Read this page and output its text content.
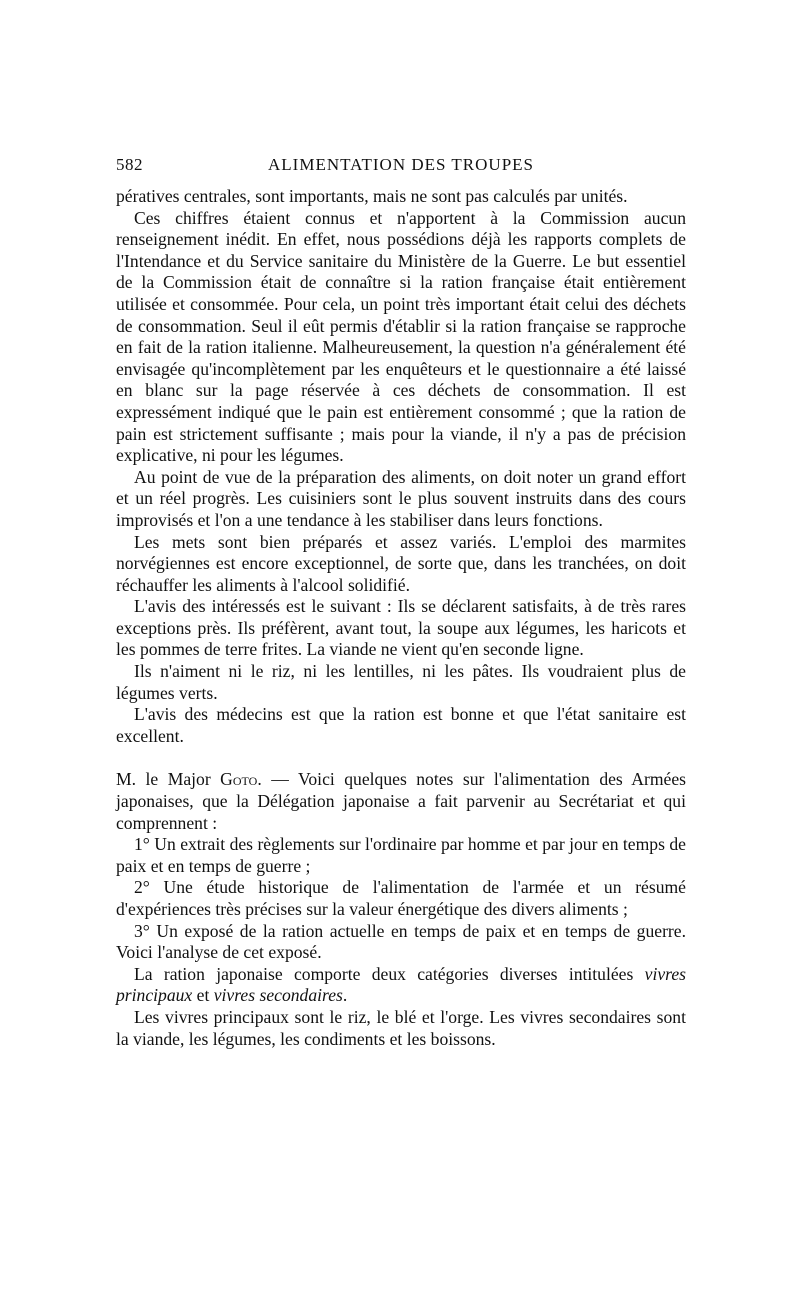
582	ALIMENTATION DES TROUPES

pératives centrales, sont importants, mais ne sont pas calculés par unités.

Ces chiffres étaient connus et n'apportent à la Commission aucun renseignement inédit. En effet, nous possédions déjà les rapports complets de l'Intendance et du Service sanitaire du Ministère de la Guerre. Le but essentiel de la Commission était de connaître si la ration française était entièrement utilisée et consommée. Pour cela, un point très important était celui des déchets de consommation. Seul il eût permis d'établir si la ration française se rapproche en fait de la ration italienne. Malheureusement, la question n'a généralement été envisagée qu'incomplètement par les enquêteurs et le questionnaire a été laissé en blanc sur la page réservée à ces déchets de consommation. Il est expressément indiqué que le pain est entièrement consommé ; que la ration de pain est strictement suffisante ; mais pour la viande, il n'y a pas de précision explicative, ni pour les légumes.

Au point de vue de la préparation des aliments, on doit noter un grand effort et un réel progrès. Les cuisiniers sont le plus souvent instruits dans des cours improvisés et l'on a une tendance à les stabiliser dans leurs fonctions.

Les mets sont bien préparés et assez variés. L'emploi des marmites norvégiennes est encore exceptionnel, de sorte que, dans les tranchées, on doit réchauffer les aliments à l'alcool solidifié.

L'avis des intéressés est le suivant : Ils se déclarent satisfaits, à de très rares exceptions près. Ils préfèrent, avant tout, la soupe aux légumes, les haricots et les pommes de terre frites. La viande ne vient qu'en seconde ligne.

Ils n'aiment ni le riz, ni les lentilles, ni les pâtes. Ils voudraient plus de légumes verts.

L'avis des médecins est que la ration est bonne et que l'état sanitaire est excellent.

M. le Major Goto. — Voici quelques notes sur l'alimentation des Armées japonaises, que la Délégation japonaise a fait parvenir au Secrétariat et qui comprennent :

1° Un extrait des règlements sur l'ordinaire par homme et par jour en temps de paix et en temps de guerre ;

2° Une étude historique de l'alimentation de l'armée et un résumé d'expériences très précises sur la valeur énergétique des divers aliments ;

3° Un exposé de la ration actuelle en temps de paix et en temps de guerre. Voici l'analyse de cet exposé.

La ration japonaise comporte deux catégories diverses intitulées vivres principaux et vivres secondaires.

Les vivres principaux sont le riz, le blé et l'orge. Les vivres secondaires sont la viande, les légumes, les condiments et les boissons.
